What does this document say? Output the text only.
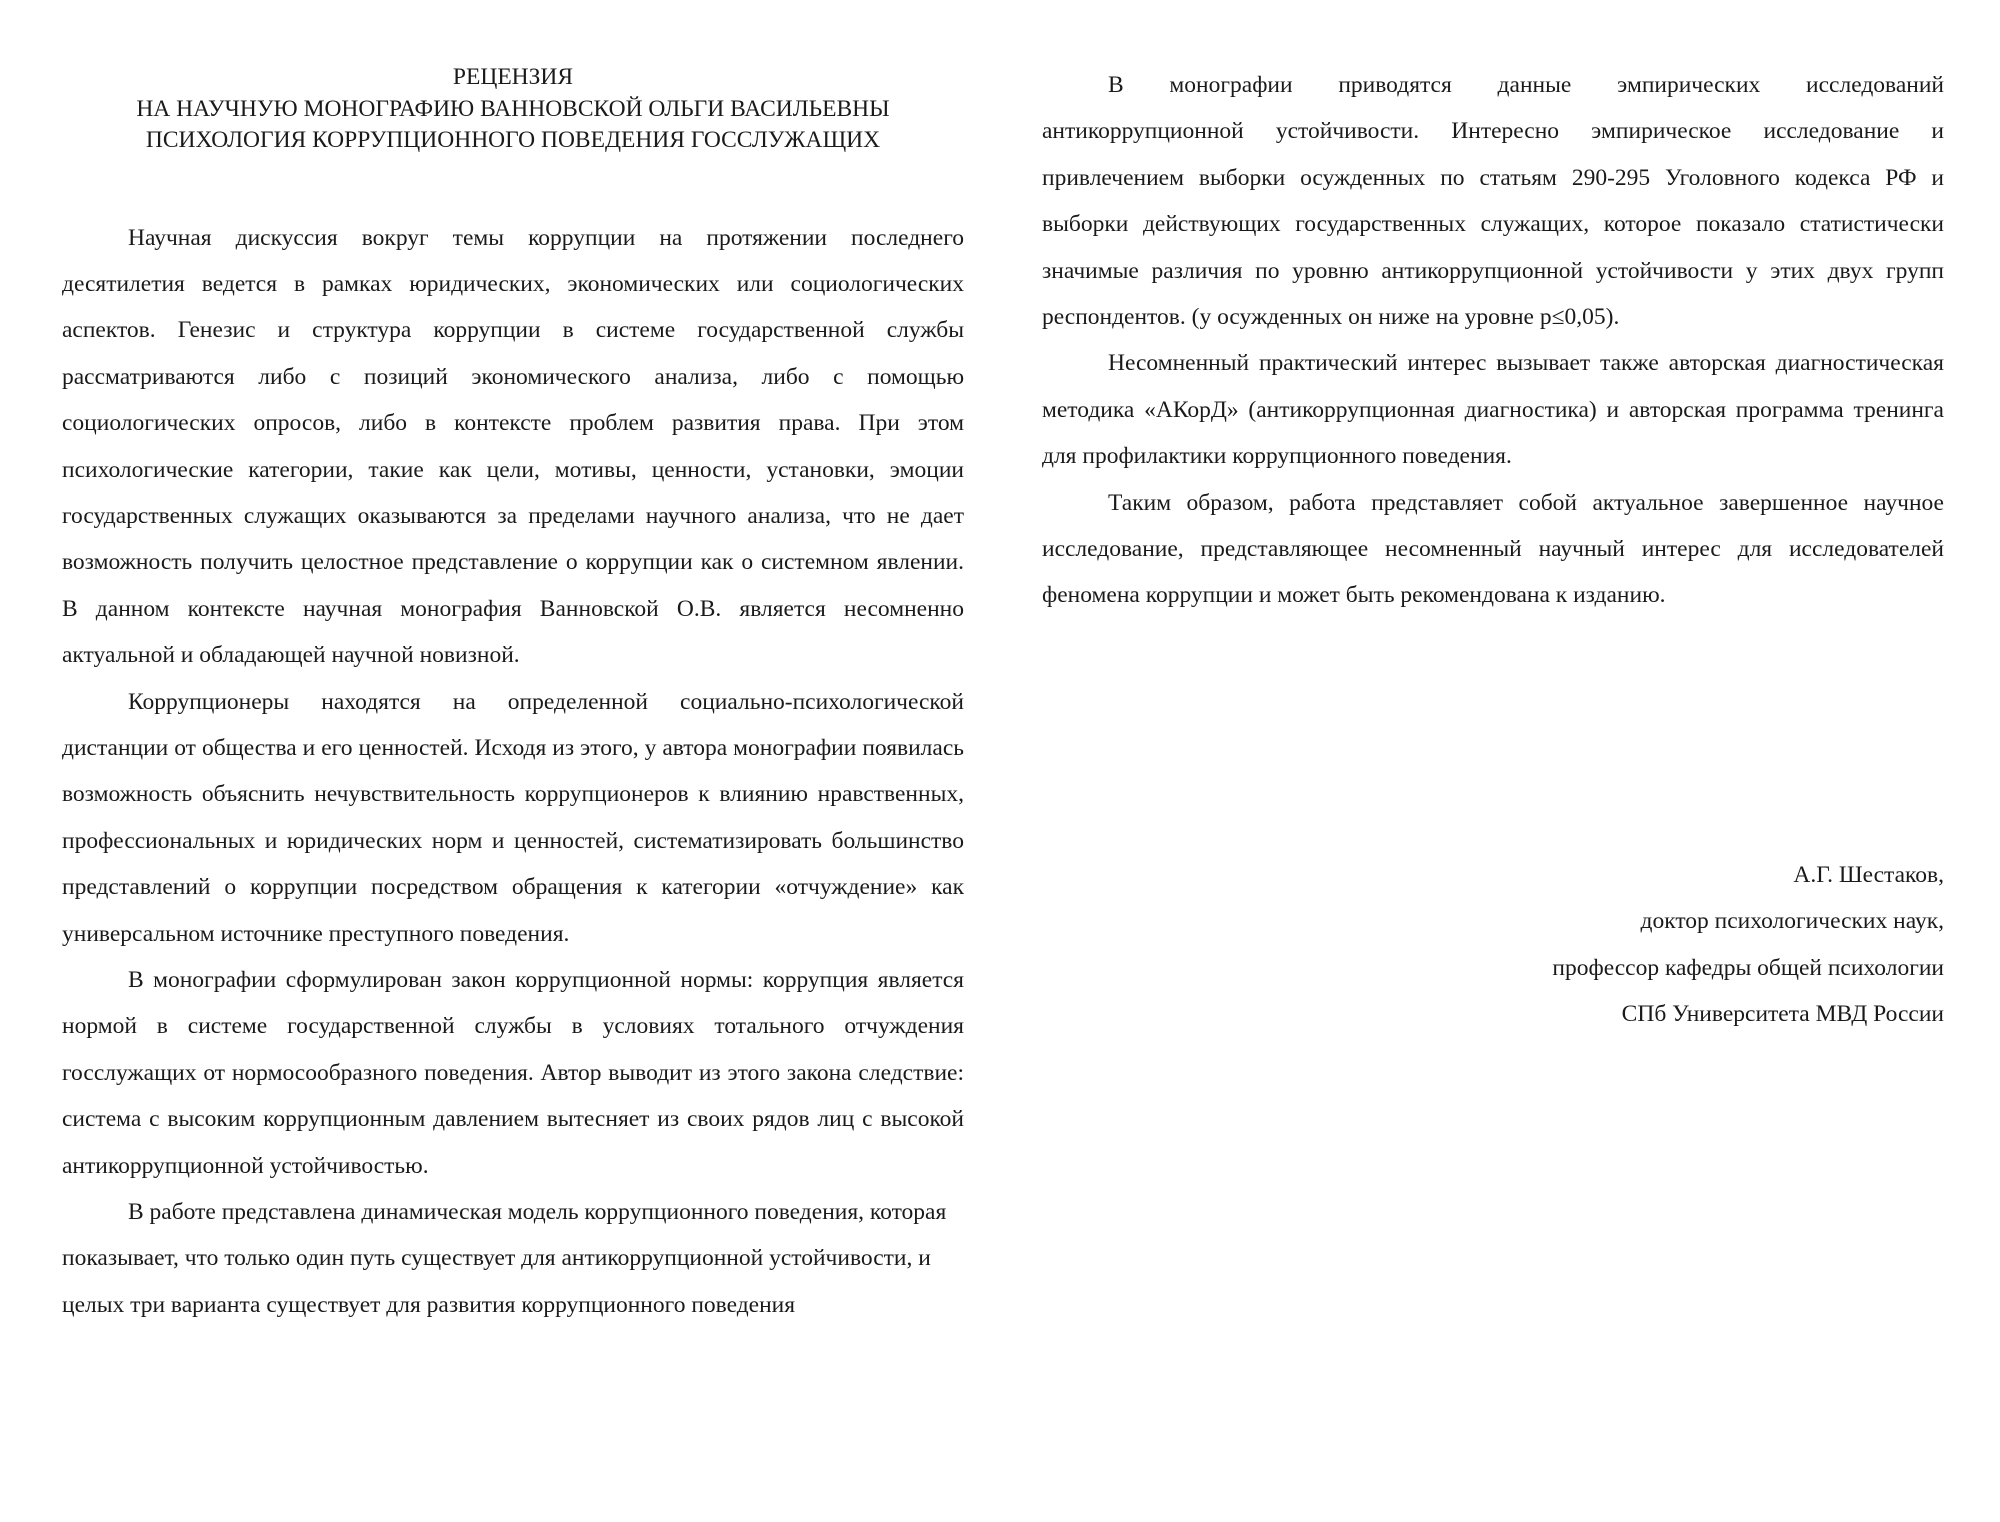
РЕЦЕНЗИЯ
НА НАУЧНУЮ МОНОГРАФИЮ ВАННОВСКОЙ ОЛЬГИ ВАСИЛЬЕВНЫ
ПСИХОЛОГИЯ КОРРУПЦИОННОГО ПОВЕДЕНИЯ ГОССЛУЖАЩИХ

Научная дискуссия вокруг темы коррупции на протяжении последнего десятилетия ведется в рамках юридических, экономических или социологических аспектов. Генезис и структура коррупции в системе государственной службы рассматриваются либо с позиций экономического анализа, либо с помощью социологических опросов, либо в контексте проблем развития права. При этом психологические категории, такие как цели, мотивы, ценности, установки, эмоции государственных служащих оказываются за пределами научного анализа, что не дает возможность получить целостное представление о коррупции как о системном явлении. В данном контексте научная монография Ванновской О.В. является несомненно актуальной и обладающей научной новизной.

Коррупционеры находятся на определенной социально-психологической дистанции от общества и его ценностей. Исходя из этого, у автора монографии появилась возможность объяснить нечувствительность коррупционеров к влиянию нравственных, профессиональных и юридических норм и ценностей, систематизировать большинство представлений о коррупции посредством обращения к категории «отчуждение» как универсальном источнике преступного поведения.

В монографии сформулирован закон коррупционной нормы: коррупция является нормой в системе государственной службы в условиях тотального отчуждения госслужащих от нормосообразного поведения. Автор выводит из этого закона следствие: система с высоким коррупционным давлением вытесняет из своих рядов лиц с высокой антикоррупционной устойчивостью.

В работе представлена динамическая модель коррупционного поведения, которая показывает, что только один путь существует для антикоррупционной устойчивости, и целых три варианта существует для развития коррупционного поведения

В монографии приводятся данные эмпирических исследований антикоррупционной устойчивости. Интересно эмпирическое исследование и привлечением выборки осужденных по статьям 290-295 Уголовного кодекса РФ и выборки действующих государственных служащих, которое показало статистически значимые различия по уровню антикоррупционной устойчивости у этих двух групп респондентов. (у осужденных он ниже на уровне p≤0,05).

Несомненный практический интерес вызывает также авторская диагностическая методика «АКорД» (антикоррупционная диагностика) и авторская программа тренинга для профилактики коррупционного поведения.

Таким образом, работа представляет собой актуальное завершенное научное исследование, представляющее несомненный научный интерес для исследователей феномена коррупции и может быть рекомендована к изданию.

А.Г. Шестаков,
доктор психологических наук,
профессор кафедры общей психологии
СПб Университета МВД России
